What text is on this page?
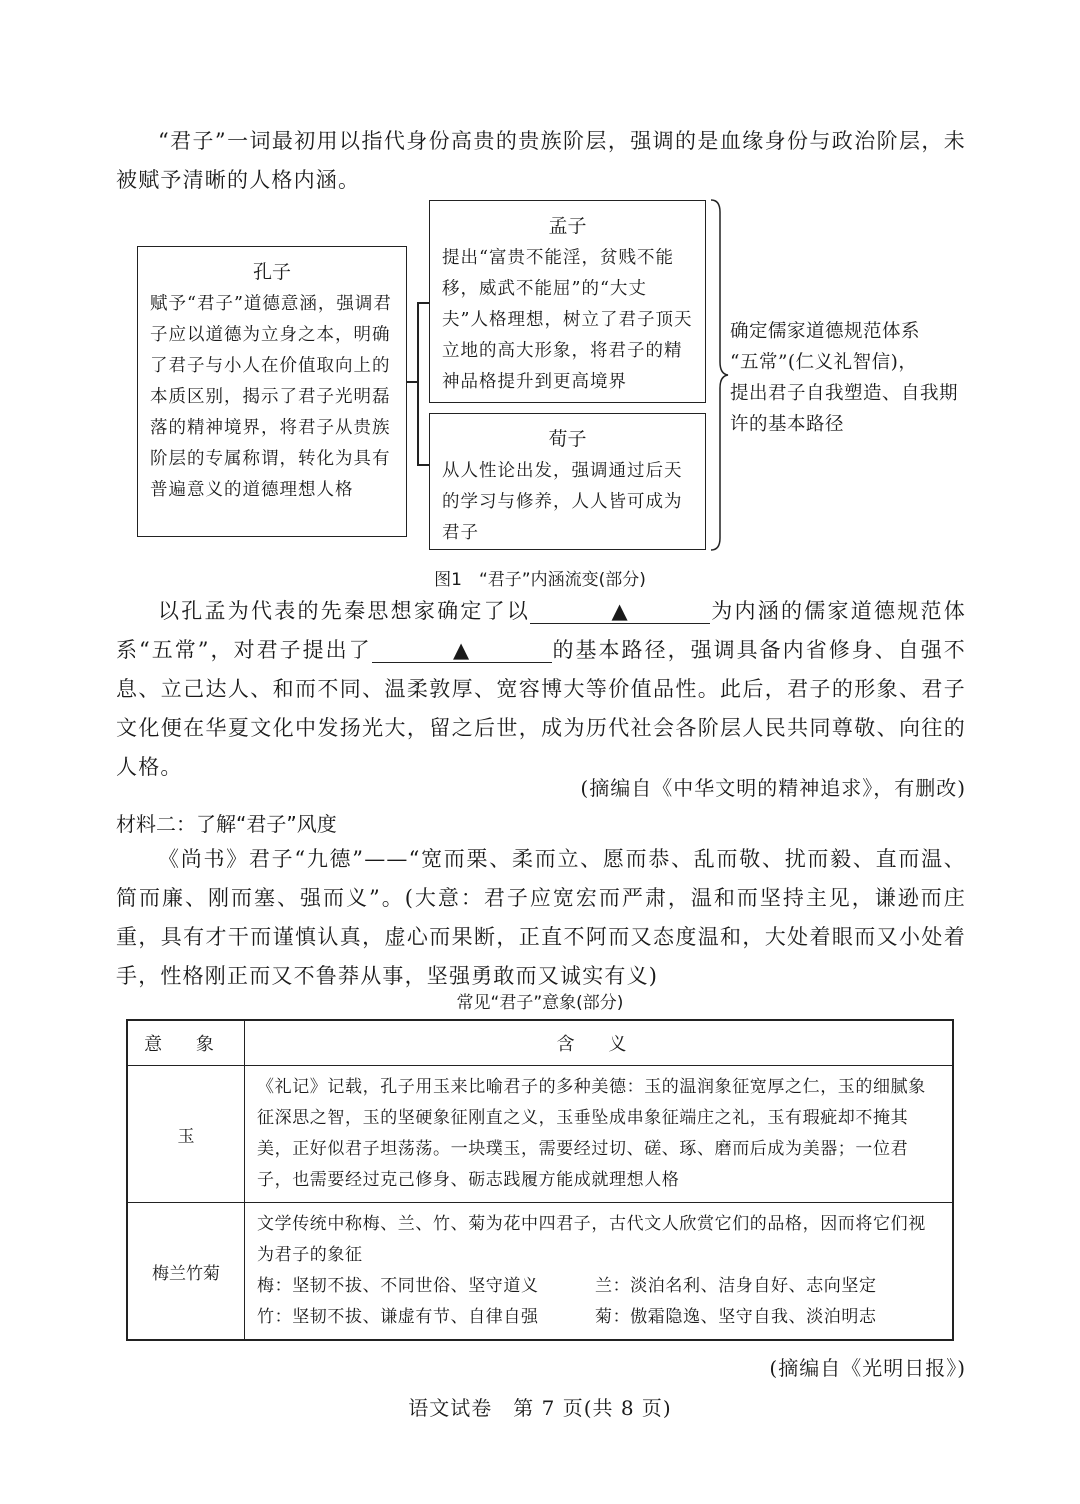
“君子”一词最初用以指代身份高贵的贵族阶层，强调的是血缘身份与政治阶层，未被赋予清晰的人格内涵。

孔子
赋予“君子”道德意涵，强调君子应以道德为立身之本，明确了君子与小人在价值取向上的本质区别，揭示了君子光明磊落的精神境界，将君子从贵族阶层的专属称谓，转化为具有普遍意义的道德理想人格
孟子
提出“富贵不能淫，贫贱不能移，威武不能屈”的“大丈夫”人格理想，树立了君子顶天立地的高大形象，将君子的精神品格提升到更高境界
荀子
从人性论出发，强调通过后天的学习与修养，人人皆可成为君子
确定儒家道德规范体系
“五常”(仁义礼智信)，
提出君子自我塑造、自我期许的基本路径
图1　“君子”内涵流变(部分)

以孔孟为代表的先秦思想家确定了以	▲	为内涵的儒家道德规范体系“五常”，对君子提出了	▲	的基本路径，强调具备内省修身、自强不息、立己达人、和而不同、温柔敦厚、宽容博大等价值品性。此后，君子的形象、君子文化便在华夏文化中发扬光大，留之后世，成为历代社会各阶层人民共同尊敬、向往的人格。

(摘编自《中华文明的精神追求》，有删改)
材料二：了解“君子”风度

《尚书》君子“九德”——“宽而栗、柔而立、愿而恭、乱而敬、扰而毅、直而温、简而廉、刚而塞、强而义”。(大意：君子应宽宏而严肃，温和而坚持主见，谦逊而庄重，具有才干而谨慎认真，虚心而果断，正直不阿而又态度温和，大处着眼而又小处着手，性格刚正而又不鲁莽从事，坚强勇敢而又诚实有义)

常见“君子”意象(部分)
意 象	含 义
玉	《礼记》记载，孔子用玉来比喻君子的多种美德：玉的温润象征宽厚之仁，玉的细腻象征深思之智，玉的坚硬象征刚直之义，玉垂坠成串象征端庄之礼，玉有瑕疵却不掩其美，正好似君子坦荡荡。一块璞玉，需要经过切、磋、琢、磨而后成为美器；一位君子，也需要经过克己修身、砺志践履方能成就理想人格
梅兰竹菊	文学传统中称梅、兰、竹、菊为花中四君子，古代文人欣赏它们的品格，因而将它们视为君子的象征
梅：坚韧不拔、不同世俗、坚守道义 兰：淡泊名利、洁身自好、志向坚定
竹：坚韧不拔、谦虚有节、自律自强 菊：傲霜隐逸、坚守自我、淡泊明志
(摘编自《光明日报》)
语文试卷　第 7 页(共 8 页)
